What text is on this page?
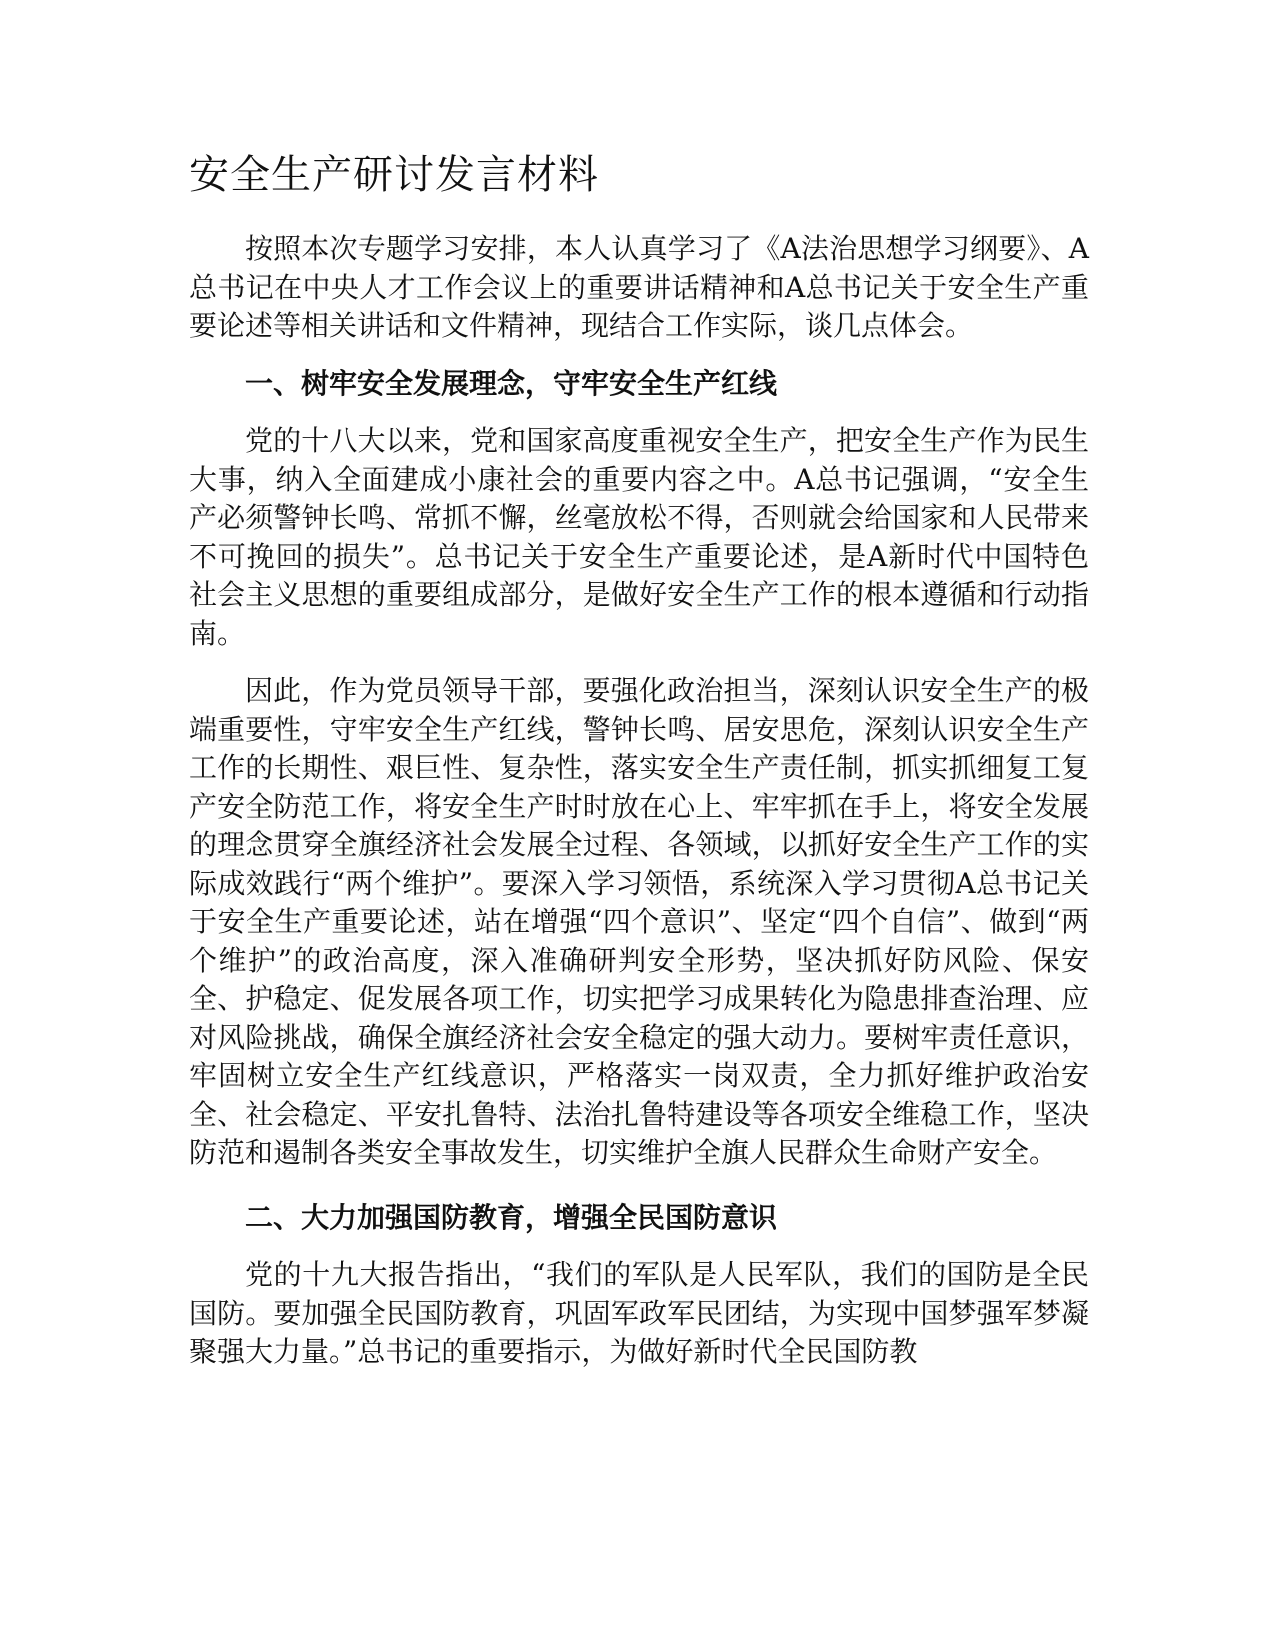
安全生产研讨发言材料

按照本次专题学习安排，本人认真学习了《A法治思想学习纲要》、A总书记在中央人才工作会议上的重要讲话精神和A总书记关于安全生产重要论述等相关讲话和文件精神，现结合工作实际，谈几点体会。

一、树牢安全发展理念，守牢安全生产红线

党的十八大以来，党和国家高度重视安全生产，把安全生产作为民生大事，纳入全面建成小康社会的重要内容之中。A总书记强调，“安全生产必须警钟长鸣、常抓不懈，丝毫放松不得，否则就会给国家和人民带来不可挽回的损失”。总书记关于安全生产重要论述，是A新时代中国特色社会主义思想的重要组成部分，是做好安全生产工作的根本遵循和行动指南。

因此，作为党员领导干部，要强化政治担当，深刻认识安全生产的极端重要性，守牢安全生产红线，警钟长鸣、居安思危，深刻认识安全生产工作的长期性、艰巨性、复杂性，落实安全生产责任制，抓实抓细复工复产安全防范工作，将安全生产时时放在心上、牢牢抓在手上，将安全发展的理念贯穿全旗经济社会发展全过程、各领域，以抓好安全生产工作的实际成效践行“两个维护”。要深入学习领悟，系统深入学习贯彻A总书记关于安全生产重要论述，站在增强“四个意识”、坚定“四个自信”、做到“两个维护”的政治高度，深入准确研判安全形势，坚决抓好防风险、保安全、护稳定、促发展各项工作，切实把学习成果转化为隐患排查治理、应对风险挑战，确保全旗经济社会安全稳定的强大动力。要树牢责任意识，牢固树立安全生产红线意识，严格落实一岗双责，全力抓好维护政治安全、社会稳定、平安扎鲁特、法治扎鲁特建设等各项安全维稳工作，坚决防范和遏制各类安全事故发生，切实维护全旗人民群众生命财产安全。

二、大力加强国防教育，增强全民国防意识

党的十九大报告指出，“我们的军队是人民军队，我们的国防是全民国防。要加强全民国防教育，巩固军政军民团结，为实现中国梦强军梦凝聚强大力量。”总书记的重要指示，为做好新时代全民国防教
